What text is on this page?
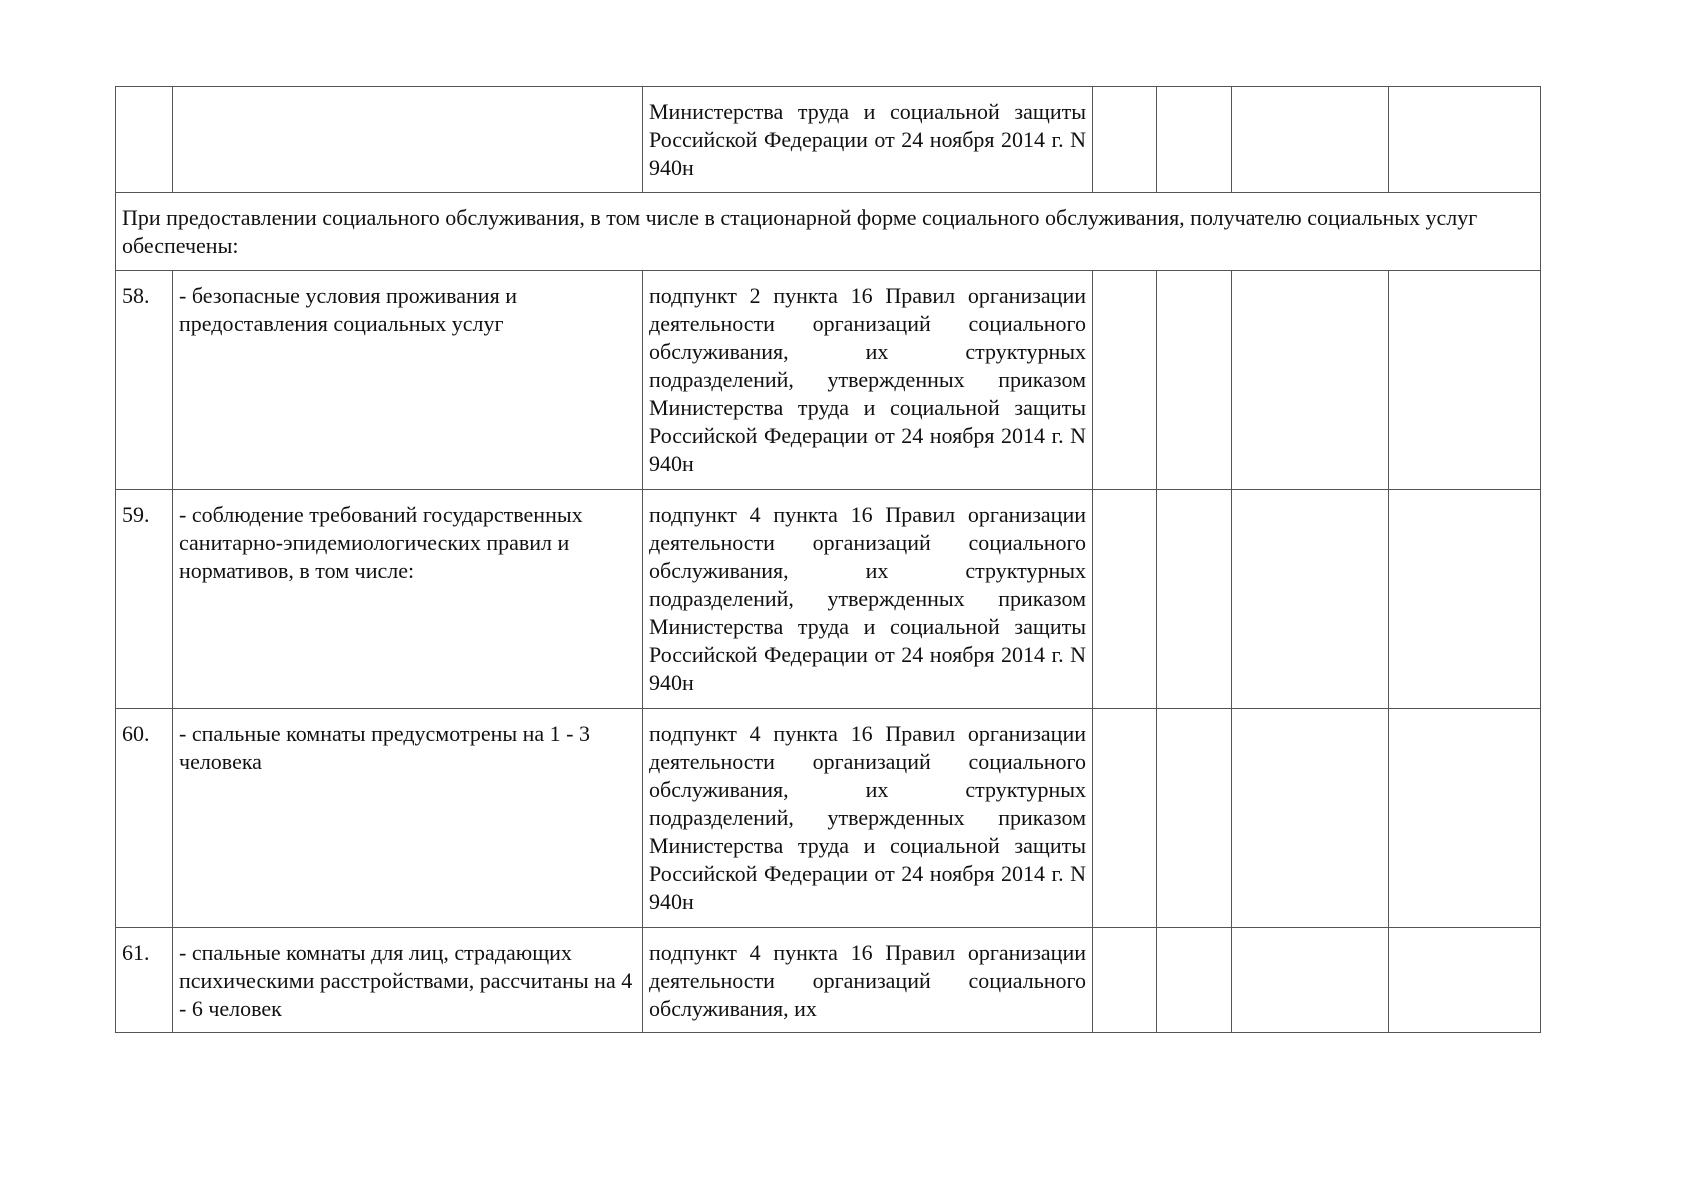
		Министерства труда и социальной защиты Российской Федерации от 24 ноября 2014 г. N 940н				
При предоставлении социального обслуживания, в том числе в стационарной форме социального обслуживания, получателю социальных услуг обеспечены:						
58.	- безопасные условия проживания и предоставления социальных услуг	подпункт 2 пункта 16 Правил организации деятельности организаций социального обслуживания, их структурных подразделений, утвержденных приказом Министерства труда и социальной защиты Российской Федерации от 24 ноября 2014 г. N 940н				
59.	- соблюдение требований государственных санитарно-эпидемиологических правил и нормативов, в том числе:	подпункт 4 пункта 16 Правил организации деятельности организаций социального обслуживания, их структурных подразделений, утвержденных приказом Министерства труда и социальной защиты Российской Федерации от 24 ноября 2014 г. N 940н				
60.	- спальные комнаты предусмотрены на 1 - 3 человека	подпункт 4 пункта 16 Правил организации деятельности организаций социального обслуживания, их структурных подразделений, утвержденных приказом Министерства труда и социальной защиты Российской Федерации от 24 ноября 2014 г. N 940н				
61.	- спальные комнаты для лиц, страдающих психическими расстройствами, рассчитаны на 4 - 6 человек	подпункт 4 пункта 16 Правил организации деятельности организаций социального обслуживания, их				
